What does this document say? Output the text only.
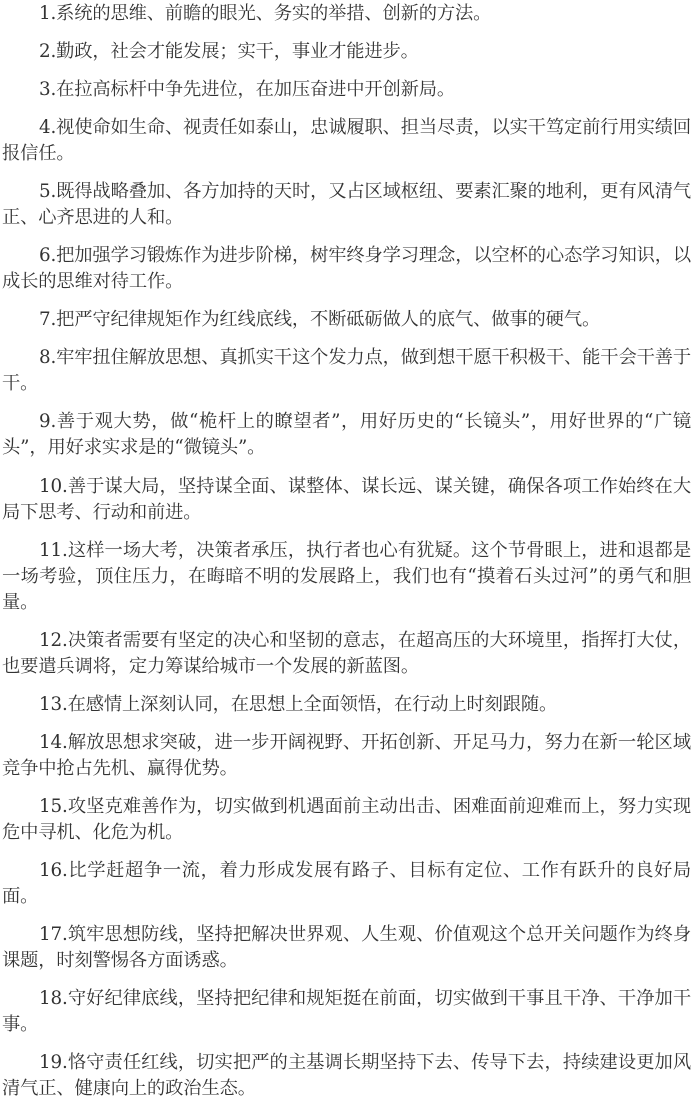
1.系统的思维、前瞻的眼光、务实的举措、创新的方法。

2.勤政，社会才能发展；实干，事业才能进步。

3.在拉高标杆中争先进位，在加压奋进中开创新局。

4.视使命如生命、视责任如泰山，忠诚履职、担当尽责，以实干笃定前行用实绩回报信任。

5.既得战略叠加、各方加持的天时，又占区域枢纽、要素汇聚的地利，更有风清气正、心齐思进的人和。

6.把加强学习锻炼作为进步阶梯，树牢终身学习理念，以空杯的心态学习知识，以成长的思维对待工作。

7.把严守纪律规矩作为红线底线，不断砥砺做人的底气、做事的硬气。

8.牢牢扭住解放思想、真抓实干这个发力点，做到想干愿干积极干、能干会干善于干。

9.善于观大势，做“桅杆上的瞭望者”，用好历史的“长镜头”，用好世界的“广镜头”，用好求实求是的“微镜头”。

10.善于谋大局，坚持谋全面、谋整体、谋长远、谋关键，确保各项工作始终在大局下思考、行动和前进。

11.这样一场大考，决策者承压，执行者也心有犹疑。这个节骨眼上，进和退都是一场考验，顶住压力，在晦暗不明的发展路上，我们也有“摸着石头过河”的勇气和胆量。

12.决策者需要有坚定的决心和坚韧的意志，在超高压的大环境里，指挥打大仗，也要遣兵调将，定力筹谋给城市一个发展的新蓝图。

13.在感情上深刻认同，在思想上全面领悟，在行动上时刻跟随。

14.解放思想求突破，进一步开阔视野、开拓创新、开足马力，努力在新一轮区域竞争中抢占先机、赢得优势。

15.攻坚克难善作为，切实做到机遇面前主动出击、困难面前迎难而上，努力实现危中寻机、化危为机。

16.比学赶超争一流，着力形成发展有路子、目标有定位、工作有跃升的良好局面。

17.筑牢思想防线，坚持把解决世界观、人生观、价值观这个总开关问题作为终身课题，时刻警惕各方面诱惑。

18.守好纪律底线，坚持把纪律和规矩挺在前面，切实做到干事且干净、干净加干事。

19.恪守责任红线，切实把严的主基调长期坚持下去、传导下去，持续建设更加风清气正、健康向上的政治生态。
